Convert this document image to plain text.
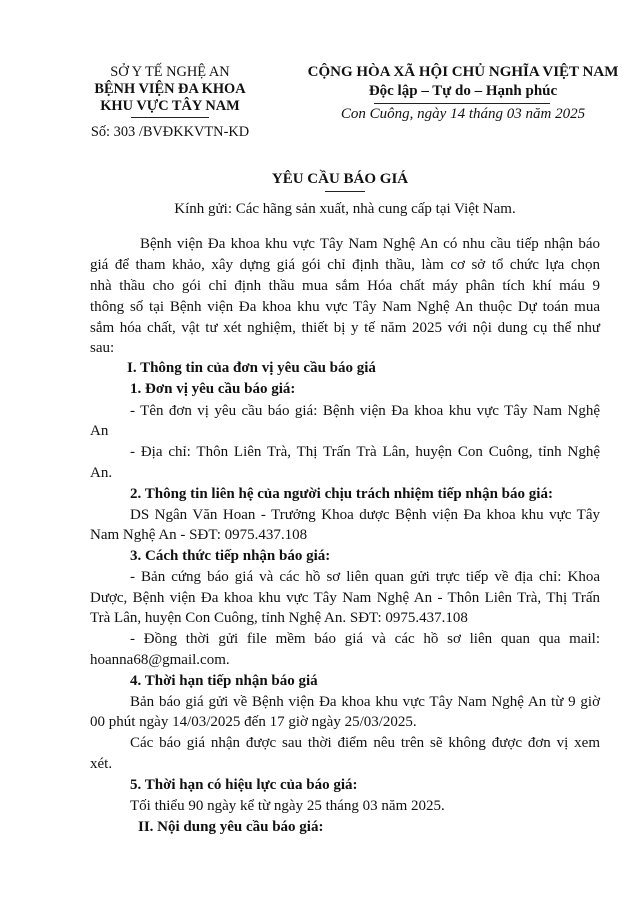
SỞ Y TẾ NGHỆ AN
BỆNH VIỆN ĐA KHOA
KHU VỰC TÂY NAM
Số: 303 /BVĐKKVTN-KD
CỘNG HÒA XÃ HỘI CHỦ NGHĨA VIỆT NAM
Độc lập – Tự do – Hạnh phúc
Con Cuông, ngày 14 tháng 03 năm 2025
YÊU CẦU BÁO GIÁ
Kính gửi: Các hãng sản xuất, nhà cung cấp tại Việt Nam.
Bệnh viện Đa khoa khu vực Tây Nam Nghệ An có nhu cầu tiếp nhận báo
giá để tham khảo, xây dựng giá gói chỉ định thầu, làm cơ sở tổ chức lựa chọn
nhà thầu cho gói chỉ định thầu mua sắm Hóa chất máy phân tích khí máu 9
thông số tại Bệnh viện Đa khoa khu vực Tây Nam Nghệ An thuộc Dự toán mua
sắm hóa chất, vật tư xét nghiệm, thiết bị y tế năm 2025 với nội dung cụ thể như
sau:
I. Thông tin của đơn vị yêu cầu báo giá
1. Đơn vị yêu cầu báo giá:
- Tên đơn vị yêu cầu báo giá: Bệnh viện Đa khoa khu vực Tây Nam Nghệ
An
- Địa chỉ: Thôn Liên Trà, Thị Trấn Trà Lân, huyện Con Cuông, tỉnh Nghệ
An.
2. Thông tin liên hệ của người chịu trách nhiệm tiếp nhận báo giá:
DS Ngân Văn Hoan - Trưởng Khoa dược Bệnh viện Đa khoa khu vực Tây
Nam Nghệ An - SĐT: 0975.437.108
3. Cách thức tiếp nhận báo giá:
- Bản cứng báo giá và các hồ sơ liên quan gửi trực tiếp về địa chỉ: Khoa
Dược, Bệnh viện Đa khoa khu vực Tây Nam Nghệ An - Thôn Liên Trà, Thị Trấn
Trà Lân, huyện Con Cuông, tỉnh Nghệ An. SĐT: 0975.437.108
- Đồng thời gửi file mềm báo giá và các hồ sơ liên quan qua mail:
hoanna68@gmail.com.
4. Thời hạn tiếp nhận báo giá
Bản báo giá gửi về Bệnh viện Đa khoa khu vực Tây Nam Nghệ An từ 9 giờ
00 phút ngày 14/03/2025 đến 17 giờ ngày 25/03/2025.
Các báo giá nhận được sau thời điểm nêu trên sẽ không được đơn vị xem
xét.
5. Thời hạn có hiệu lực của báo giá:
Tối thiểu 90 ngày kể từ ngày 25 tháng 03 năm 2025.
II. Nội dung yêu cầu báo giá:
